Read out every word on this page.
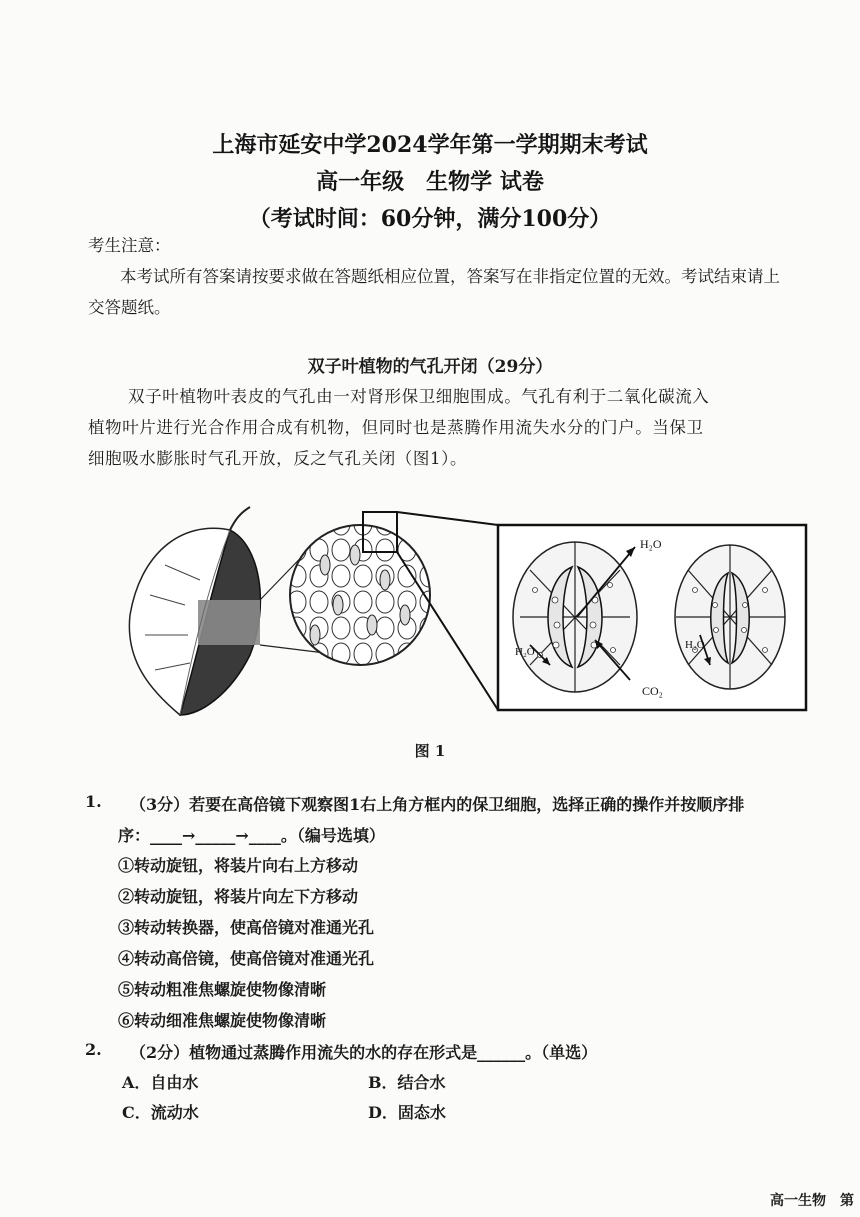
上海市延安中学2024学年第一学期期末考试
高一年级　生物学 试卷
（考试时间：60分钟，满分100分）
考生注意：
本考试所有答案请按要求做在答题纸相应位置，答案写在非指定位置的无效。考试结束请上
交答题纸。
双子叶植物的气孔开闭（29分）
双子叶植物叶表皮的气孔由一对肾形保卫细胞围成。气孔有利于二氧化碳流入
植物叶片进行光合作用合成有机物，但同时也是蒸腾作用流失水分的门户。当保卫
细胞吸水膨胀时气孔开放，反之气孔关闭（图1）。
H₂O
H₂O
CO₂
H₂O
图 1
1. （3分）若要在高倍镜下观察图1右上角方框内的保卫细胞，选择正确的操作并按顺序排
序：____→_____→____。（编号选填）
①转动旋钮，将装片向右上方移动
②转动旋钮，将装片向左下方移动
③转动转换器，使高倍镜对准通光孔
④转动高倍镜，使高倍镜对准通光孔
⑤转动粗准焦螺旋使物像清晰
⑥转动细准焦螺旋使物像清晰
2. （2分）植物通过蒸腾作用流失的水的存在形式是______。（单选）
A．自由水	B．结合水
C．流动水	D．固态水
高一生物　第
